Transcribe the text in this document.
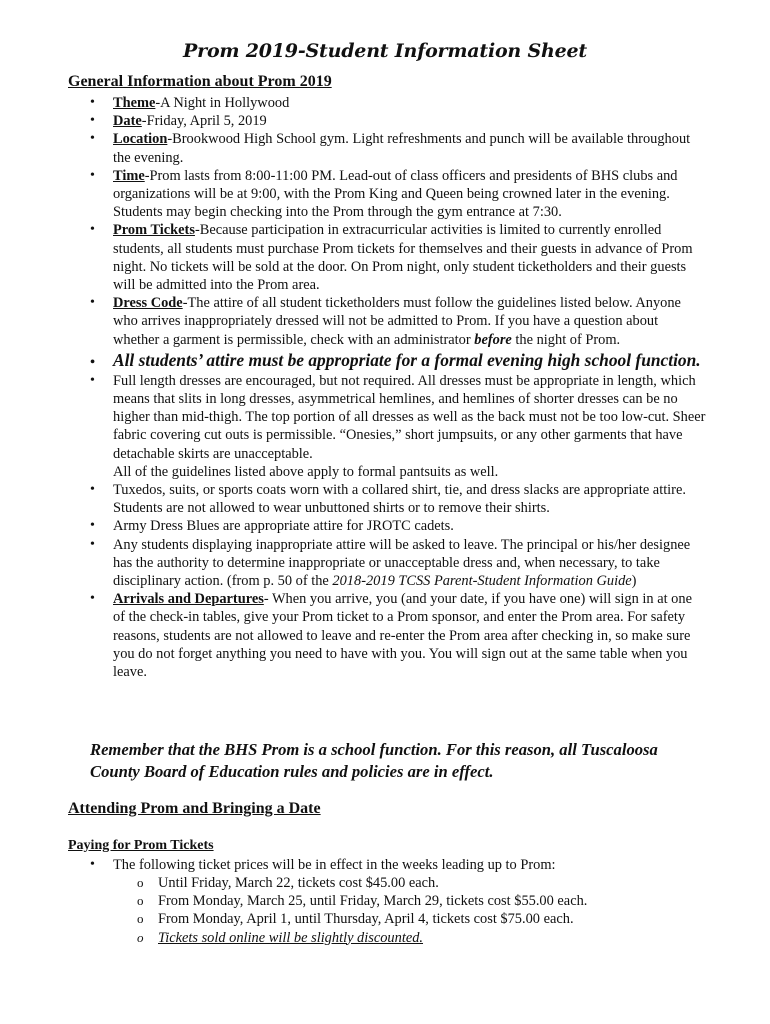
Prom 2019-Student Information Sheet
General Information about Prom 2019
• Theme-A Night in Hollywood
• Date-Friday, April 5, 2019
• Location-Brookwood High School gym. Light refreshments and punch will be available throughout the evening.
• Time-Prom lasts from 8:00-11:00 PM. Lead-out of class officers and presidents of BHS clubs and organizations will be at 9:00, with the Prom King and Queen being crowned later in the evening. Students may begin checking into the Prom through the gym entrance at 7:30.
• Prom Tickets-Because participation in extracurricular activities is limited to currently enrolled students, all students must purchase Prom tickets for themselves and their guests in advance of Prom night. No tickets will be sold at the door. On Prom night, only student ticketholders and their guests will be admitted into the Prom area.
• Dress Code-The attire of all student ticketholders must follow the guidelines listed below. Anyone who arrives inappropriately dressed will not be admitted to Prom. If you have a question about whether a garment is permissible, check with an administrator before the night of Prom.
• All students’ attire must be appropriate for a formal evening high school function.
• Full length dresses are encouraged, but not required. All dresses must be appropriate in length, which means that slits in long dresses, asymmetrical hemlines, and hemlines of shorter dresses can be no higher than mid-thigh. The top portion of all dresses as well as the back must not be too low-cut. Sheer fabric covering cut outs is permissible. “Onesies,” short jumpsuits, or any other garments that have detachable skirts are unacceptable.
All of the guidelines listed above apply to formal pantsuits as well.
• Tuxedos, suits, or sports coats worn with a collared shirt, tie, and dress slacks are appropriate attire. Students are not allowed to wear unbuttoned shirts or to remove their shirts.
• Army Dress Blues are appropriate attire for JROTC cadets.
• Any students displaying inappropriate attire will be asked to leave. The principal or his/her designee has the authority to determine inappropriate or unacceptable dress and, when necessary, to take disciplinary action. (from p. 50 of the 2018-2019 TCSS Parent-Student Information Guide)
• Arrivals and Departures- When you arrive, you (and your date, if you have one) will sign in at one of the check-in tables, give your Prom ticket to a Prom sponsor, and enter the Prom area. For safety reasons, students are not allowed to leave and re-enter the Prom area after checking in, so make sure you do not forget anything you need to have with you. You will sign out at the same table when you leave.
Remember that the BHS Prom is a school function. For this reason, all Tuscaloosa County Board of Education rules and policies are in effect.
Attending Prom and Bringing a Date
Paying for Prom Tickets
• The following ticket prices will be in effect in the weeks leading up to Prom:
o Until Friday, March 22, tickets cost $45.00 each.
o From Monday, March 25, until Friday, March 29, tickets cost $55.00 each.
o From Monday, April 1, until Thursday, April 4, tickets cost $75.00 each.
o Tickets sold online will be slightly discounted.
